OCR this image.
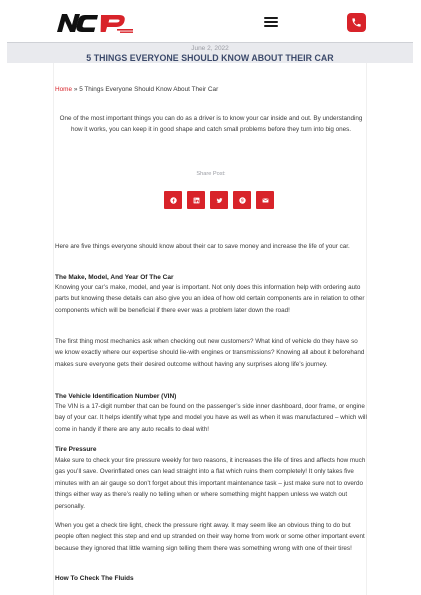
June 2, 2022
5 THINGS EVERYONE SHOULD KNOW ABOUT THEIR CAR
Home » 5 Things Everyone Should Know About Their Car
One of the most important things you can do as a driver is to know your car inside and out. By understanding how it works, you can keep it in good shape and catch small problems before they turn into big ones.
Share Post:
Here are five things everyone should know about their car to save money and increase the life of your car.
The Make, Model, And Year Of The Car
Knowing your car’s make, model, and year is important. Not only does this information help with ordering auto parts but knowing these details can also give you an idea of how old certain components are in relation to other components which will be beneficial if there ever was a problem later down the road!
The first thing most mechanics ask when checking out new customers? What kind of vehicle do they have so we know exactly where our expertise should lie-with engines or transmissions? Knowing all about it beforehand makes sure everyone gets their desired outcome without having any surprises along life’s journey.
The Vehicle Identification Number (VIN)
The VIN is a 17-digit number that can be found on the passenger’s side inner dashboard, door frame, or engine bay of your car. It helps identify what type and model you have as well as when it was manufactured – which will come in handy if there are any auto recalls to deal with!
Tire Pressure
Make sure to check your tire pressure weekly for two reasons, it increases the life of tires and affects how much gas you’ll save. Overinflated ones can lead straight into a flat which ruins them completely! It only takes five minutes with an air gauge so don’t forget about this important maintenance task – just make sure not to overdo things either way as there’s really no telling when or where something might happen unless we watch out personally.
When you get a check tire light, check the pressure right away. It may seem like an obvious thing to do but people often neglect this step and end up stranded on their way home from work or some other important event because they ignored that little warning sign telling them there was something wrong with one of their tires!
How To Check The Fluids
